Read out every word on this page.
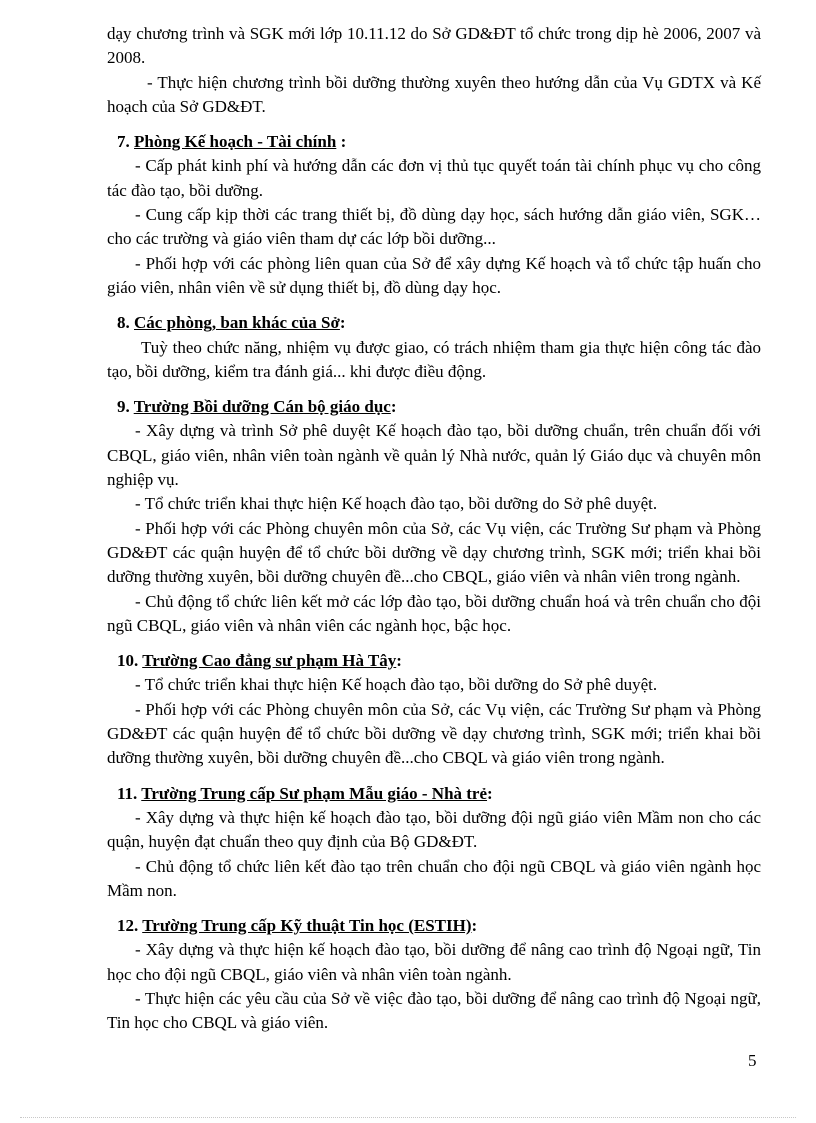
dạy chương trình và SGK mới lớp 10.11.12 do Sở GD&ĐT tổ chức trong dịp hè 2006, 2007 và 2008.

- Thực hiện chương trình bồi dưỡng thường xuyên theo hướng dẫn của Vụ GDTX và Kế hoạch của Sở GD&ĐT.

7. Phòng Kế hoạch - Tài chính :

- Cấp phát kinh phí và hướng dẫn các đơn vị thủ tục quyết toán tài chính phục vụ cho công tác đào tạo, bồi dưỡng.

- Cung cấp kịp thời các trang thiết bị, đồ dùng dạy học, sách hướng dẫn giáo viên, SGK… cho các trường và giáo viên tham dự các lớp bồi dưỡng...

- Phối hợp với các phòng liên quan của Sở để xây dựng Kế hoạch và tổ chức tập huấn cho giáo viên, nhân viên về sử dụng thiết bị, đồ dùng dạy học.

8. Các phòng, ban khác của Sở:

Tuỳ theo chức năng, nhiệm vụ được giao, có trách nhiệm tham gia thực hiện công tác đào tạo, bồi dưỡng, kiểm tra đánh giá... khi được điều động.

9. Trường Bồi dưỡng Cán bộ giáo dục:

- Xây dựng và trình Sở phê duyệt Kế hoạch đào tạo, bồi dưỡng chuẩn, trên chuẩn đối với CBQL, giáo viên, nhân viên toàn ngành về quản lý Nhà nước, quản lý Giáo dục và chuyên môn nghiệp vụ.

- Tổ chức triển khai thực hiện Kế hoạch đào tạo, bồi dưỡng do Sở phê duyệt.

- Phối hợp với các Phòng chuyên môn của Sở, các Vụ viện, các Trường Sư phạm và Phòng GD&ĐT các quận huyện để tổ chức bồi dưỡng về dạy chương trình, SGK mới; triển khai bồi dưỡng thường xuyên, bồi dưỡng chuyên đề...cho CBQL, giáo viên và nhân viên trong ngành.

- Chủ động tổ chức liên kết mở các lớp đào tạo, bồi dưỡng chuẩn hoá và trên chuẩn cho đội ngũ CBQL, giáo viên và nhân viên các ngành học, bậc học.

10. Trường Cao đẳng sư phạm Hà Tây:

- Tổ chức triển khai thực hiện Kế hoạch đào tạo, bồi dưỡng do Sở phê duyệt.

- Phối hợp với các Phòng chuyên môn của Sở, các Vụ viện, các Trường Sư phạm và Phòng GD&ĐT các quận huyện để tổ chức bồi dưỡng về dạy chương trình, SGK mới; triển khai bồi dưỡng thường xuyên, bồi dưỡng chuyên đề...cho CBQL và giáo viên trong ngành.

11. Trường Trung cấp Sư phạm Mẫu giáo - Nhà trẻ:

- Xây dựng và thực hiện kế hoạch đào tạo, bồi dưỡng đội ngũ giáo viên Mầm non cho các quận, huyện đạt chuẩn theo quy định của Bộ GD&ĐT.

- Chủ động tổ chức liên kết đào tạo trên chuẩn cho đội ngũ CBQL và giáo viên ngành học Mầm non.

12. Trường Trung cấp Kỹ thuật Tin học (ESTIH):

- Xây dựng và thực hiện kế hoạch đào tạo, bồi dưỡng để nâng cao trình độ Ngoại ngữ, Tin học cho đội ngũ CBQL, giáo viên và nhân viên toàn ngành.

- Thực hiện các yêu cầu của Sở về việc đào tạo, bồi dưỡng để nâng cao trình độ Ngoại ngữ, Tin học cho CBQL và giáo viên.

5
